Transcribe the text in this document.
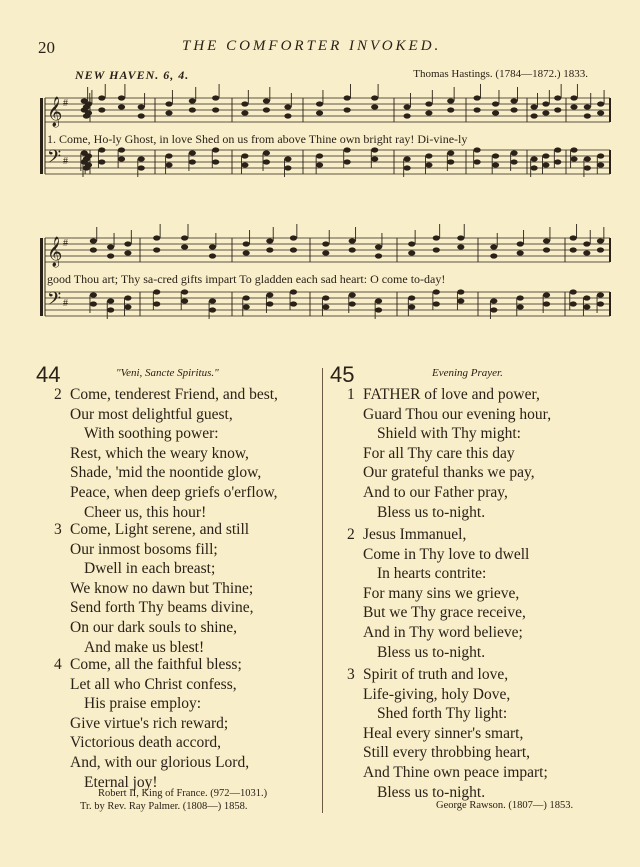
20	THE COMFORTER INVOKED.
NEW HAVEN. 6, 4.	Thomas Hastings. (1784—1872.) 1833.
𝄞
𝄢
#
#
𝄞
𝄢
#
#
1. Come, Ho-ly Ghost, in love Shed on us from above Thine own bright ray! Di-vine-ly
good Thou art; Thy sa-cred gifts impart To gladden each sad heart: O come to-day!
44	"Veni, Sancte Spiritus."	45	Evening Prayer.
2 Come, tenderest Friend, and best,
Our most delightful guest,
With soothing power:
Rest, which the weary know,
Shade, 'mid the noontide glow,
Peace, when deep griefs o'erflow,
Cheer us, this hour!
3 Come, Light serene, and still
Our inmost bosoms fill;
Dwell in each breast;
We know no dawn but Thine;
Send forth Thy beams divine,
On our dark souls to shine,
And make us blest!
4 Come, all the faithful bless;
Let all who Christ confess,
His praise employ:
Give virtue's rich reward;
Victorious death accord,
And, with our glorious Lord,
Eternal joy!
1 FATHER of love and power,
Guard Thou our evening hour,
Shield with Thy might:
For all Thy care this day
Our grateful thanks we pay,
And to our Father pray,
Bless us to-night.
2 Jesus Immanuel,
Come in Thy love to dwell
In hearts contrite:
For many sins we grieve,
But we Thy grace receive,
And in Thy word believe;
Bless us to-night.
3 Spirit of truth and love,
Life-giving, holy Dove,
Shed forth Thy light:
Heal every sinner's smart,
Still every throbbing heart,
And Thine own peace impart;
Bless us to-night.
Robert II, King of France. (972—1031.)
Tr. by Rev. Ray Palmer. (1808—) 1858.	George Rawson. (1807—) 1853.
